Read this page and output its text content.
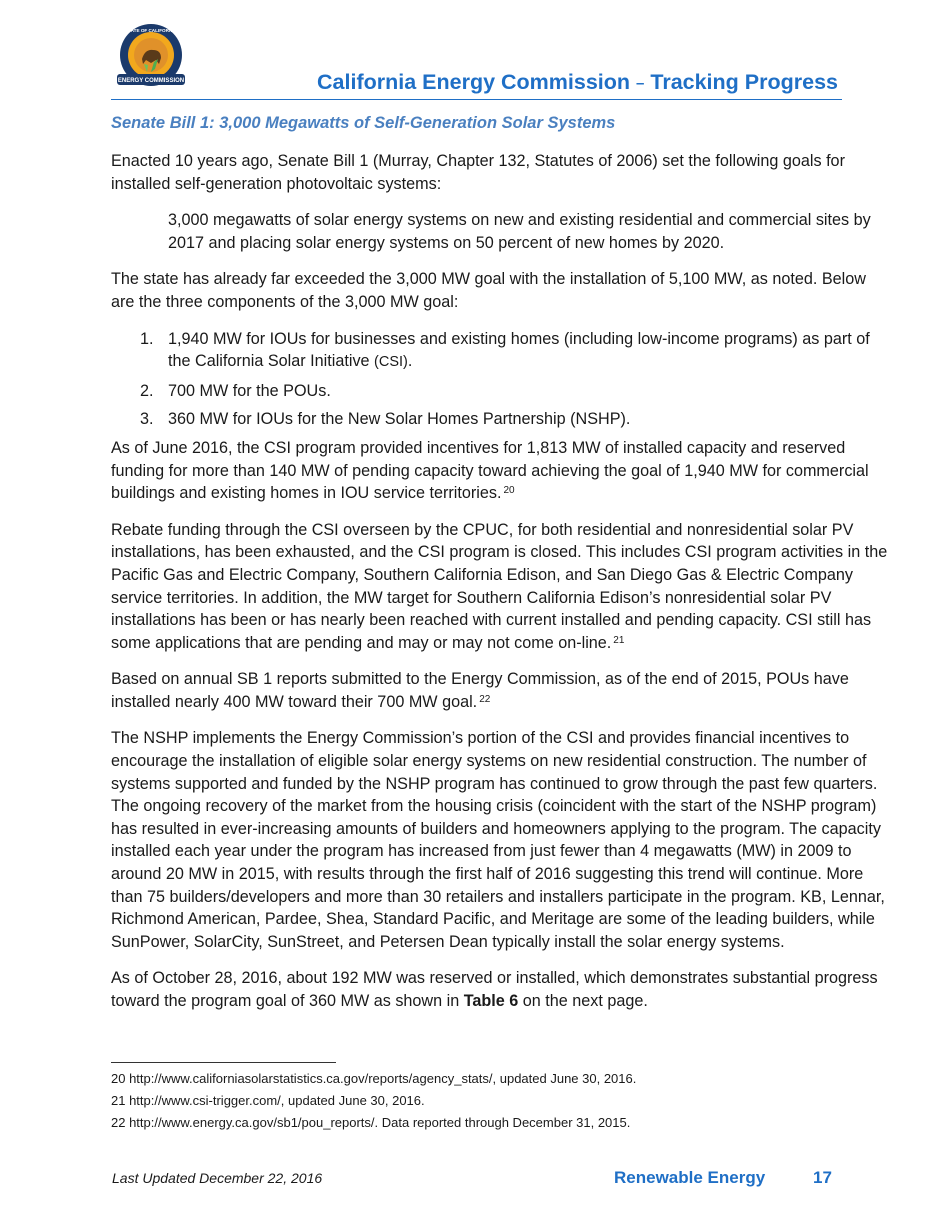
ENERGY COMMISSION
STATE OF CALIFORNIA
California Energy Commission – Tracking Progress
Senate Bill 1: 3,000 Megawatts of Self-Generation Solar Systems

Enacted 10 years ago, Senate Bill 1 (Murray, Chapter 132, Statutes of 2006) set the following goals for installed self-generation photovoltaic systems:

3,000 megawatts of solar energy systems on new and existing residential and commercial sites by 2017 and placing solar energy systems on 50 percent of new homes by 2020.

The state has already far exceeded the 3,000 MW goal with the installation of 5,100 MW, as noted. Below are the three components of the 3,000 MW goal:

1. 1,940 MW for IOUs for businesses and existing homes (including low-income programs) as part of the California Solar Initiative (CSI).
2. 700 MW for the POUs.
3. 360 MW for IOUs for the New Solar Homes Partnership (NSHP).

As of June 2016, the CSI program provided incentives for 1,813 MW of installed capacity and reserved funding for more than 140 MW of pending capacity toward achieving the goal of 1,940 MW for commercial buildings and existing homes in IOU service territories. $^{20}$

Rebate funding through the CSI overseen by the CPUC, for both residential and nonresidential solar PV installations, has been exhausted, and the CSI program is closed. This includes CSI program activities in the Pacific Gas and Electric Company, Southern California Edison, and San Diego Gas & Electric Company service territories. In addition, the MW target for Southern California Edison’s nonresidential solar PV installations has been or has nearly been reached with current installed and pending capacity. CSI still has some applications that are pending and may or may not come on-line. $^{21}$

Based on annual SB 1 reports submitted to the Energy Commission, as of the end of 2015, POUs have installed nearly 400 MW toward their 700 MW goal. $^{22}$

The NSHP implements the Energy Commission’s portion of the CSI and provides financial incentives to encourage the installation of eligible solar energy systems on new residential construction. The number of systems supported and funded by the NSHP program has continued to grow through the past few quarters. The ongoing recovery of the market from the housing crisis (coincident with the start of the NSHP program) has resulted in ever-increasing amounts of builders and homeowners applying to the program. The capacity installed each year under the program has increased from just fewer than 4 megawatts (MW) in 2009 to around 20 MW in 2015, with results through the first half of 2016 suggesting this trend will continue. More than 75 builders/developers and more than 30 retailers and installers participate in the program. KB, Lennar, Richmond American, Pardee, Shea, Standard Pacific, and Meritage are some of the leading builders, while SunPower, SolarCity, SunStreet, and Petersen Dean typically install the solar energy systems.

As of October 28, 2016, about 192 MW was reserved or installed, which demonstrates substantial progress toward the program goal of 360 MW as shown in Table 6 on the next page.

20 http://www.californiasolarstatistics.ca.gov/reports/agency_stats/, updated June 30, 2016.
21 http://www.csi-trigger.com/, updated June 30, 2016.
22 http://www.energy.ca.gov/sb1/pou_reports/. Data reported through December 31, 2015.
Last Updated December 22, 2016	Renewable Energy	17
